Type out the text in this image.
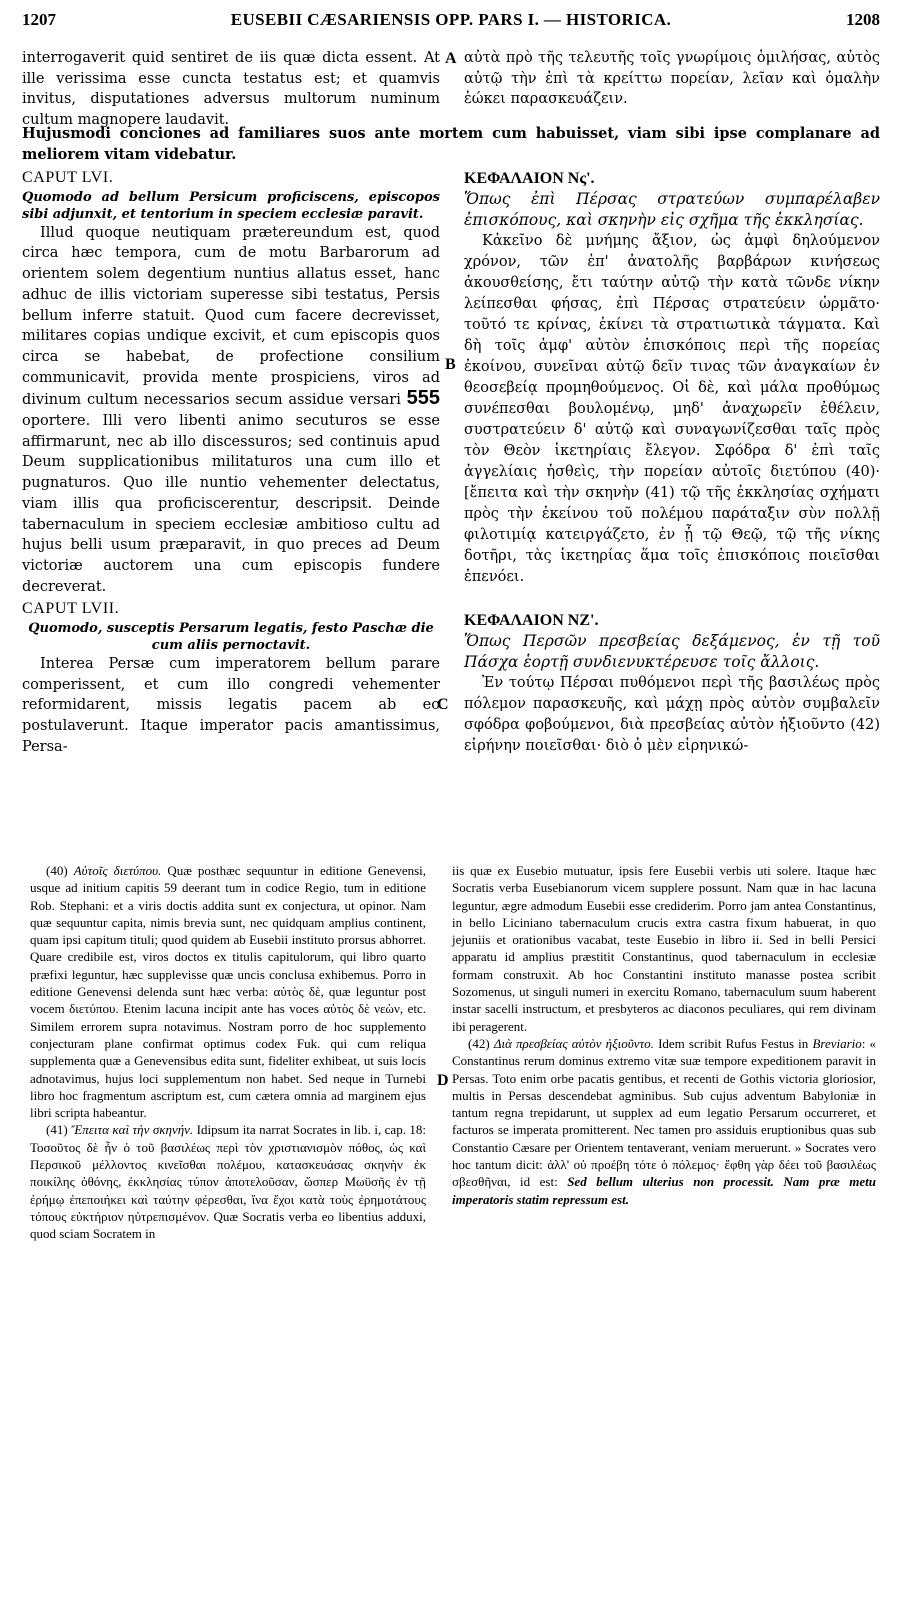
1207	EUSEBII CÆSARIENSIS OPP. PARS I. — HISTORICA.	1208

interrogaverit quid sentiret de iis quæ dicta essent. At ille verissima esse cuncta testatus est; et quamvis invitus, disputationes adversus multorum numinum cultum magnopere laudavit.

A αὐτὰ πρὸ τῆς τελευτῆς τοῖς γνωρίμοις ὁμιλήσας, αὐτὸς αὐτῷ τὴν ἐπὶ τὰ κρείττω πορείαν, λεῖαν καὶ ὁμαλὴν ἑώκει παρασκευάζειν.

Hujusmodi conciones ad familiares suos ante mortem cum habuisset, viam sibi ipse complanare ad meliorem vitam videbatur.

CAPUT LVI.

Quomodo ad bellum Persicum proficiscens, episcopos sibi adjunxit, et tentorium in speciem ecclesiæ paravit.

Illud quoque neutiquam prætereundum est, quod circa hæc tempora, cum de motu Barbarorum ad orientem solem degentium nuntius allatus esset, hanc adhuc de illis victoriam superesse sibi testatus, Persis bellum inferre statuit. Quod cum facere decrevisset, militares copias undique excivit, et cum episcopis quos circa se habebat, de profectione consilium communicavit, provida mente prospiciens, viros ad divinum cultum necessarios secum assidue versari 555 oportere. Illi vero libenti animo secuturos se esse affirmarunt, nec ab illo discessuros; sed continuis apud Deum supplicationibus militaturos una cum illo et pugnaturos. Quo ille nuntio vehementer delectatus, viam illis qua proficiscerentur, descripsit. Deinde tabernaculum in speciem ecclesiæ ambitioso cultu ad hujus belli usum præparavit, in quo preces ad Deum victoriæ auctorem una cum episcopis fundere decreverat.

CAPUT LVII.

Quomodo, susceptis Persarum legatis, festo Paschæ die cum aliis pernoctavit.

Interea Persæ cum imperatorem bellum parare comperissent, et cum illo congredi vehementer reformidarent, missis legatis pacem ab eo postulaverunt. Itaque imperator pacis amantissimus, Persa-

B
C

ΚΕΦΑΛΑΙΟΝ Νς'.

Ὅπως ἐπὶ Πέρσας στρατεύων συμπαρέλαβεν ἐπισκόπους, καὶ σκηνὴν εἰς σχῆμα τῆς ἐκκλησίας.

Κἀκεῖνο δὲ μνήμης ἄξιον, ὡς ἀμφὶ δηλούμενον χρόνον, τῶν ἐπ' ἀνατολῆς βαρβάρων κινήσεως ἀκουσθείσης, ἔτι ταύτην αὐτῷ τὴν κατὰ τῶνδε νίκην λείπεσθαι φήσας, ἐπὶ Πέρσας στρατεύειν ὡρμᾶτο· τοῦτό τε κρίνας, ἐκίνει τὰ στρατιωτικὰ τάγματα. Καὶ δὴ τοῖς ἀμφ' αὐτὸν ἐπισκόποις περὶ τῆς πορείας ἐκοίνου, συνεῖναι αὐτῷ δεῖν τινας τῶν ἀναγκαίων ἐν θεοσεβείᾳ προμηθούμενος. Οἱ δὲ, καὶ μάλα προθύμως συνέπεσθαι βουλομένῳ, μηδ' ἀναχωρεῖν ἐθέλειν, συστρατεύειν δ' αὐτῷ καὶ συναγωνίζεσθαι ταῖς πρὸς τὸν Θεὸν ἱκετηρίαις ἔλεγον. Σφόδρα δ' ἐπὶ ταῖς ἀγγελίαις ἡσθεὶς, τὴν πορείαν αὐτοῖς διετύπου (40)· [ἔπειτα καὶ τὴν σκηνὴν (41) τῷ τῆς ἐκκλησίας σχήματι πρὸς τὴν ἐκείνου τοῦ πολέμου παράταξιν σὺν πολλῇ φιλοτιμίᾳ κατειργάζετο, ἐν ᾗ τῷ Θεῷ, τῷ τῆς νίκης δοτῆρι, τὰς ἱκετηρίας ἅμα τοῖς ἐπισκόποις ποιεῖσθαι ἐπενόει.

ΚΕΦΑΛΑΙΟΝ ΝΖ'.

Ὅπως Περσῶν πρεσβείας δεξάμενος, ἐν τῇ τοῦ Πάσχα ἑορτῇ συνδιενυκτέρευσε τοῖς ἄλλοις.

Ἐν τούτῳ Πέρσαι πυθόμενοι περὶ τῆς βασιλέως πρὸς πόλεμον παρασκευῆς, καὶ μάχῃ πρὸς αὐτὸν συμβαλεῖν σφόδρα φοβούμενοι, διὰ πρεσβείας αὐτὸν ἠξιοῦντο (42) εἰρήνην ποιεῖσθαι· διὸ ὁ μὲν εἰρηνικώ-

(40) Αὐτοῖς διετύπου. Quæ posthæc sequuntur in editione Genevensi, usque ad initium capitis 59 deerant tum in codice Regio, tum in editione Rob. Stephani: et a viris doctis addita sunt ex conjectura, ut opinor. Nam quæ sequuntur capita, nimis brevia sunt, nec quidquam amplius continent, quam ipsi capitum tituli; quod quidem ab Eusebii instituto prorsus abhorret. Quare credibile est, viros doctos ex titulis capitulorum, qui libro quarto præfixi leguntur, hæc supplevisse quæ uncis conclusa exhibemus. Porro in editione Genevensi delenda sunt hæc verba: αὐτὸς δὲ, quæ leguntur post vocem διετύπου. Etenim lacuna incipit ante has voces αὐτὸς δὲ νεὼν, etc. Similem errorem supra notavimus. Nostram porro de hoc supplemento conjecturam plane confirmat optimus codex Fuk. qui cum reliqua supplementa quæ a Genevensibus edita sunt, fideliter exhibeat, ut suis locis adnotavimus, hujus loci supplementum non habet. Sed neque in Turnebi libro hoc fragmentum ascriptum est, cum cætera omnia ad marginem ejus libri scripta habeantur.

(41) Ἔπειτα καὶ τὴν σκηνήν. Idipsum ita narrat Socrates in lib. i, cap. 18: Τοσοῦτος δὲ ἦν ὁ τοῦ βασιλέως περὶ τὸν χριστιανισμὸν πόθος, ὡς καὶ Περσικοῦ μέλλοντος κινεῖσθαι πολέμου, κατασκευάσας σκηνὴν ἐκ ποικίλης ὀθόνης, ἐκκλησίας τύπον ἀποτελοῦσαν, ὥσπερ Μωϋσῆς ἐν τῇ ἐρήμῳ ἐπεποιήκει καὶ ταύτην φέρεσθαι, ἵνα ἔχοι κατὰ τοὺς ἐρημοτάτους τόπους εὐκτήριον ηὐτρεπισμένον. Quæ Socratis verba eo libentius adduxi, quod sciam Socratem in

D

iis quæ ex Eusebio mutuatur, ipsis fere Eusebii verbis uti solere. Itaque hæc Socratis verba Eusebianorum vicem supplere possunt. Nam quæ in hac lacuna leguntur, ægre admodum Eusebii esse crediderim. Porro jam antea Constantinus, in bello Liciniano tabernaculum crucis extra castra fixum habuerat, in quo jejuniis et orationibus vacabat, teste Eusebio in libro ii. Sed in belli Persici apparatu id amplius præstitit Constantinus, quod tabernaculum in ecclesiæ formam construxit. Ab hoc Constantini instituto manasse postea scribit Sozomenus, ut singuli numeri in exercitu Romano, tabernaculum suum haberent instar sacelli instructum, et presbyteros ac diaconos peculiares, qui rem divinam ibi peragerent.

(42) Διὰ πρεσβείας αὐτὸν ἠξιοῦντο. Idem scribit Rufus Festus in Breviario: « Constantinus rerum dominus extremo vitæ suæ tempore expeditionem paravit in Persas. Toto enim orbe pacatis gentibus, et recenti de Gothis victoria gloriosior, multis in Persas descendebat agminibus. Sub cujus adventum Babyloniæ in tantum regna trepidarunt, ut supplex ad eum legatio Persarum occurreret, et facturos se imperata promitterent. Nec tamen pro assiduis eruptionibus quas sub Constantio Cæsare per Orientem tentaverant, veniam meruerunt. » Socrates vero hoc tantum dicit: ἀλλ' οὐ προέβη τότε ὁ πόλεμος· ἔφθη γὰρ δέει τοῦ βασιλέως σβεσθῆναι, id est: Sed bellum ulterius non processit. Nam præ metu imperatoris statim repressum est.
